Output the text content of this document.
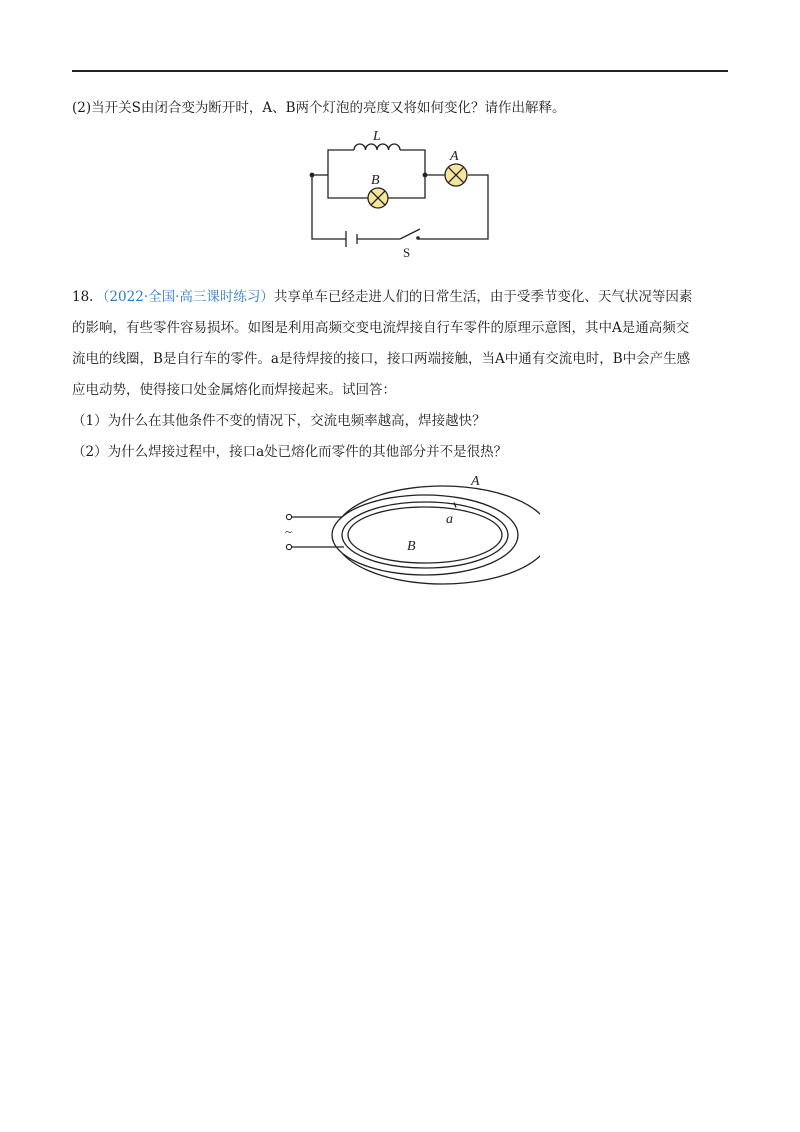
(2)当开关S由闭合变为断开时，A、B两个灯泡的亮度又将如何变化？请作出解释。
L
B
A
S
18．（2022·全国·高三课时练习）共享单车已经走进人们的日常生活，由于受季节变化、天气状况等因素
的影响，有些零件容易损坏。如图是利用高频交变电流焊接自行车零件的原理示意图，其中A是通高频交
流电的线圈，B是自行车的零件。a是待焊接的接口，接口两端接触，当A中通有交流电时，B中会产生感
应电动势，使得接口处金属熔化而焊接起来。试回答：
（1）为什么在其他条件不变的情况下，交流电频率越高，焊接越快？
（2）为什么焊接过程中，接口a处已熔化而零件的其他部分并不是很热？
~
A
a
B
